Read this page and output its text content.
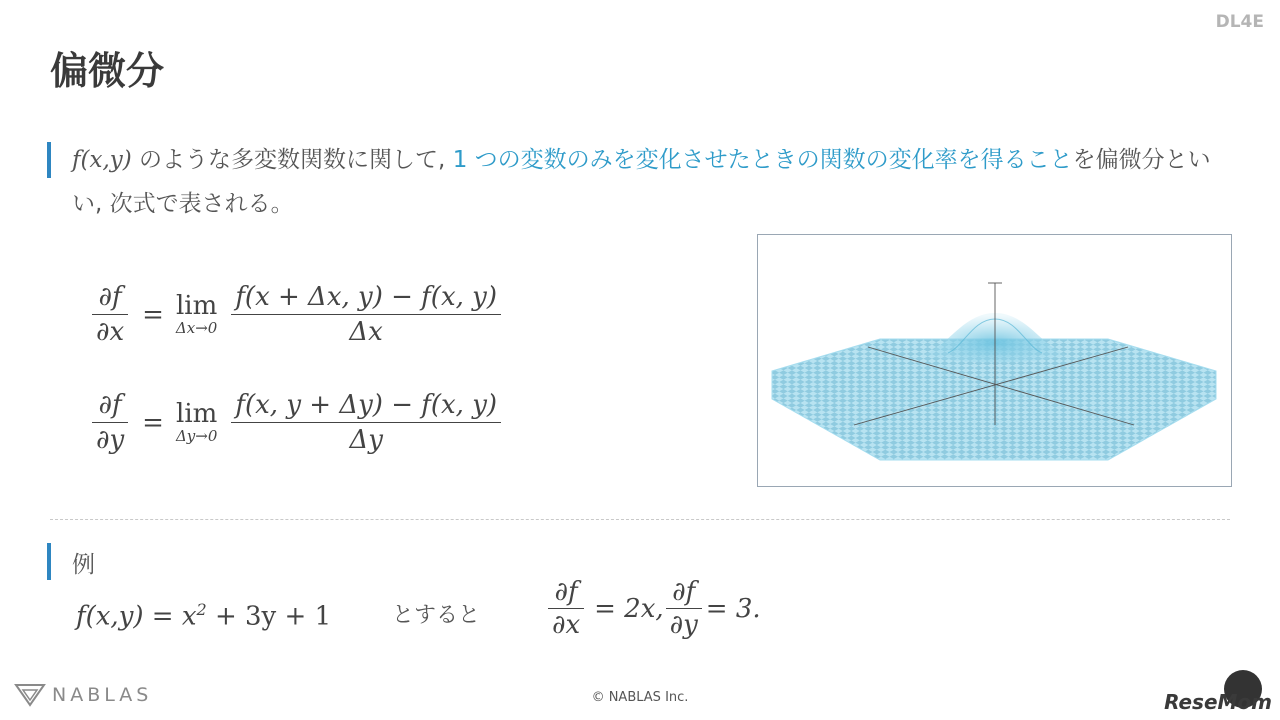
DL4E
偏微分
f(x,y) のような多変数関数に関して, 1 つの変数のみを変化させたときの関数の変化率を得ることを偏微分といい, 次式で表される。
$\frac{\partial f}{\partial x} = \lim$
$\Delta x\to 0 \frac{f(x + \Delta x, y) - f(x, y)}{\Delta x}$
$\frac{\partial f}{\partial y} = \lim$
$\Delta y\to 0 \frac{f(x, y + \Delta y) - f(x, y)}{\Delta y}$
例
$f(x,y) = x^2 + 3y + 1$	とすると	$\frac{\partial f}{\partial x} = 2x$, $\frac{\partial f}{\partial y} = 3$.
NABLAS	© NABLAS Inc.	ReseMom
